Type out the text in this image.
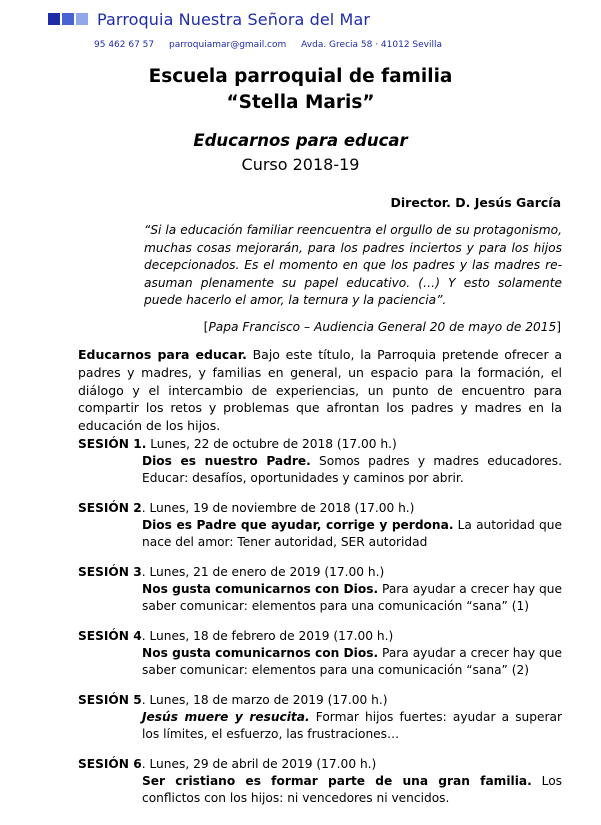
Parroquia Nuestra Señora del Mar
95 462 67 57 parroquiamar@gmail.com Avda. Grecia 58 · 41012 Sevilla
Escuela parroquial de familia
“Stella Maris”
Educarnos para educar
Curso 2018-19
Director. D. Jesús García
“Si la educación familiar reencuentra el orgullo de su protagonismo, muchas cosas mejorarán, para los padres inciertos y para los hijos decepcionados. Es el momento en que los padres y las madres re-asuman plenamente su papel educativo. (…) Y esto solamente puede hacerlo el amor, la ternura y la paciencia”.
[Papa Francisco – Audiencia General 20 de mayo de 2015]
Educarnos para educar. Bajo este título, la Parroquia pretende ofrecer a padres y madres, y familias en general, un espacio para la formación, el diálogo y el intercambio de experiencias, un punto de encuentro para compartir los retos y problemas que afrontan los padres y madres en la educación de los hijos.
SESIÓN 1. Lunes, 22 de octubre de 2018 (17.00 h.)
Dios es nuestro Padre. Somos padres y madres educadores. Educar: desafíos, oportunidades y caminos por abrir.
SESIÓN 2. Lunes, 19 de noviembre de 2018 (17.00 h.)
Dios es Padre que ayudar, corrige y perdona. La autoridad que nace del amor: Tener autoridad, SER autoridad
SESIÓN 3. Lunes, 21 de enero de 2019 (17.00 h.)
Nos gusta comunicarnos con Dios. Para ayudar a crecer hay que saber comunicar: elementos para una comunicación “sana” (1)
SESIÓN 4. Lunes, 18 de febrero de 2019 (17.00 h.)
Nos gusta comunicarnos con Dios. Para ayudar a crecer hay que saber comunicar: elementos para una comunicación “sana” (2)
SESIÓN 5. Lunes, 18 de marzo de 2019 (17.00 h.)
Jesús muere y resucita. Formar hijos fuertes: ayudar a superar los límites, el esfuerzo, las frustraciones…
SESIÓN 6. Lunes, 29 de abril de 2019 (17.00 h.)
Ser cristiano es formar parte de una gran familia. Los conflictos con los hijos: ni vencedores ni vencidos.
